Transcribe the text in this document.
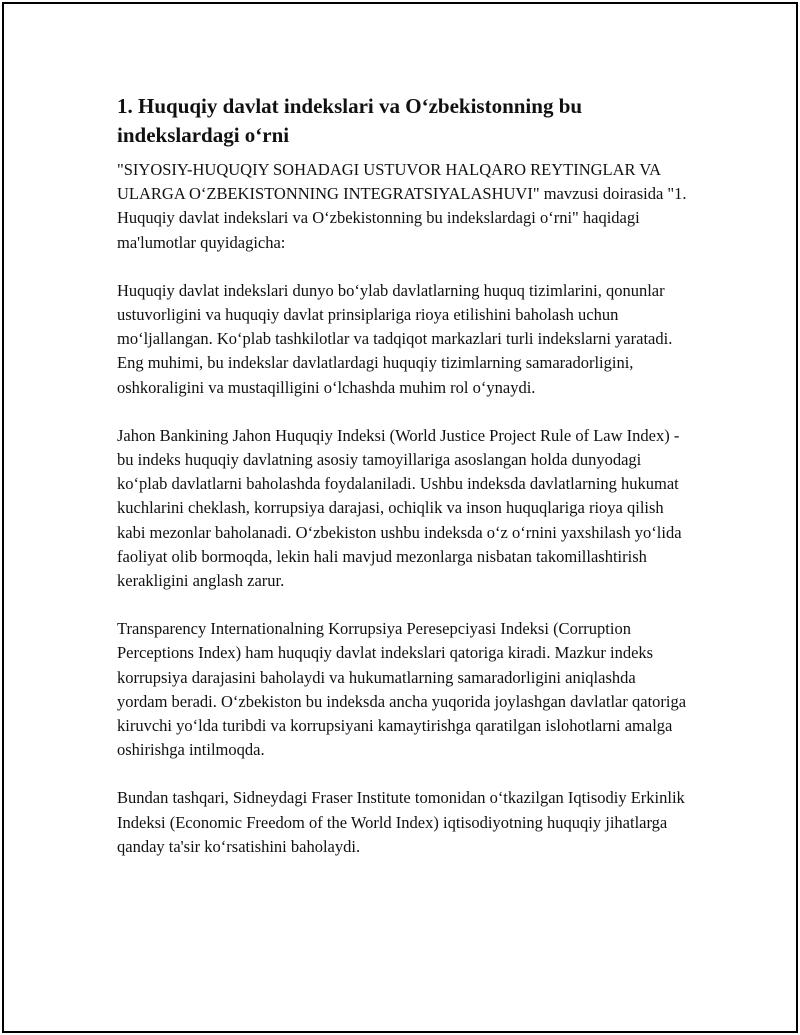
1. Huquqiy davlat indekslari va O‘zbekistonning bu indekslardagi o‘rni

"SIYOSIY-HUQUQIY SOHADAGI USTUVOR HALQARO REYTINGLAR VA ULARGA O‘ZBEKISTONNING INTEGRATSIYALASHUVI" mavzusi doirasida "1. Huquqiy davlat indekslari va O‘zbekistonning bu indekslardagi o‘rni" haqidagi ma'lumotlar quyidagicha:

Huquqiy davlat indekslari dunyo bo‘ylab davlatlarning huquq tizimlarini, qonunlar ustuvorligini va huquqiy davlat prinsiplariga rioya etilishini baholash uchun mo‘ljallangan. Ko‘plab tashkilotlar va tadqiqot markazlari turli indekslarni yaratadi. Eng muhimi, bu indekslar davlatlardagi huquqiy tizimlarning samaradorligini, oshkoraligini va mustaqilligini o‘lchashda muhim rol o‘ynaydi.

Jahon Bankining Jahon Huquqiy Indeksi (World Justice Project Rule of Law Index) - bu indeks huquqiy davlatning asosiy tamoyillariga asoslangan holda dunyodagi ko‘plab davlatlarni baholashda foydalaniladi. Ushbu indeksda davlatlarning hukumat kuchlarini cheklash, korrupsiya darajasi, ochiqlik va inson huquqlariga rioya qilish kabi mezonlar baholanadi. O‘zbekiston ushbu indeksda o‘z o‘rnini yaxshilash yo‘lida faoliyat olib bormoqda, lekin hali mavjud mezonlarga nisbatan takomillashtirish kerakligini anglash zarur.

Transparency Internationalning Korrupsiya Peresepciyasi Indeksi (Corruption Perceptions Index) ham huquqiy davlat indekslari qatoriga kiradi. Mazkur indeks korrupsiya darajasini baholaydi va hukumatlarning samaradorligini aniqlashda yordam beradi. O‘zbekiston bu indeksda ancha yuqorida joylashgan davlatlar qatoriga kiruvchi yo‘lda turibdi va korrupsiyani kamaytirishga qaratilgan islohotlarni amalga oshirishga intilmoqda.

Bundan tashqari, Sidneydagi Fraser Institute tomonidan o‘tkazilgan Iqtisodiy Erkinlik Indeksi (Economic Freedom of the World Index) iqtisodiyotning huquqiy jihatlarga qanday ta'sir ko‘rsatishini baholaydi.
